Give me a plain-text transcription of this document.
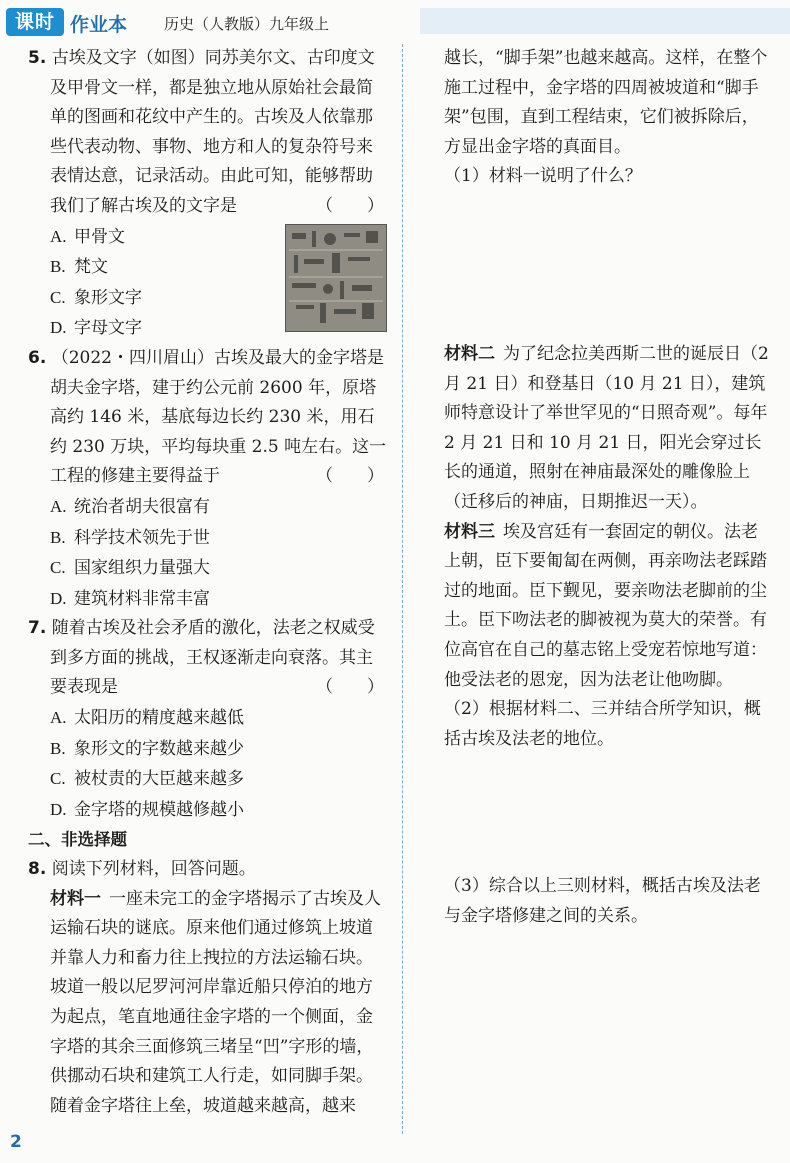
课时 作业本 历史（人教版）九年级上
5. 古埃及文字（如图）同苏美尔文、古印度文及甲骨文一样，都是独立地从原始社会最简单的图画和花纹中产生的。古埃及人依靠那些代表动物、事物、地方和人的复杂符号来表情达意，记录活动。由此可知，能够帮助我们了解古埃及的文字是	（　　）
A. 甲骨文
B. 梵文
C. 象形文字
D. 字母文字
6. （2022・四川眉山）古埃及最大的金字塔是胡夫金字塔，建于约公元前 2600 年，原塔高约 146 米，基底每边长约 230 米，用石约 230 万块，平均每块重 2.5 吨左右。这一工程的修建主要得益于	（　　）
A. 统治者胡夫很富有
B. 科学技术领先于世
C. 国家组织力量强大
D. 建筑材料非常丰富
7. 随着古埃及社会矛盾的激化，法老之权威受到多方面的挑战，王权逐渐走向衰落。其主要表现是	（　　）
A. 太阳历的精度越来越低
B. 象形文的字数越来越少
C. 被杖责的大臣越来越多
D. 金字塔的规模越修越小
二、非选择题
8. 阅读下列材料，回答问题。
材料一 一座未完工的金字塔揭示了古埃及人运输石块的谜底。原来他们通过修筑上坡道并靠人力和畜力往上拽拉的方法运输石块。坡道一般以尼罗河河岸靠近船只停泊的地方为起点，笔直地通往金字塔的一个侧面，金字塔的其余三面修筑三堵呈“凹”字形的墙，供挪动石块和建筑工人行走，如同脚手架。随着金字塔往上垒，坡道越来越高，越来
越长，“脚手架”也越来越高。这样，在整个施工过程中，金字塔的四周被坡道和“脚手架”包围，直到工程结束，它们被拆除后，方显出金字塔的真面目。
（1）材料一说明了什么？
材料二 为了纪念拉美西斯二世的诞辰日（2 月 21 日）和登基日（10 月 21 日），建筑师特意设计了举世罕见的“日照奇观”。每年 2 月 21 日和 10 月 21 日，阳光会穿过长长的通道，照射在神庙最深处的雕像脸上（迁移后的神庙，日期推迟一天）。
材料三 埃及宫廷有一套固定的朝仪。法老上朝，臣下要匍匐在两侧，再亲吻法老踩踏过的地面。臣下觐见，要亲吻法老脚前的尘土。臣下吻法老的脚被视为莫大的荣誉。有位高官在自己的墓志铭上受宠若惊地写道：他受法老的恩宠，因为法老让他吻脚。
（2）根据材料二、三并结合所学知识，概括古埃及法老的地位。
（3）综合以上三则材料，概括古埃及法老与金字塔修建之间的关系。
2
